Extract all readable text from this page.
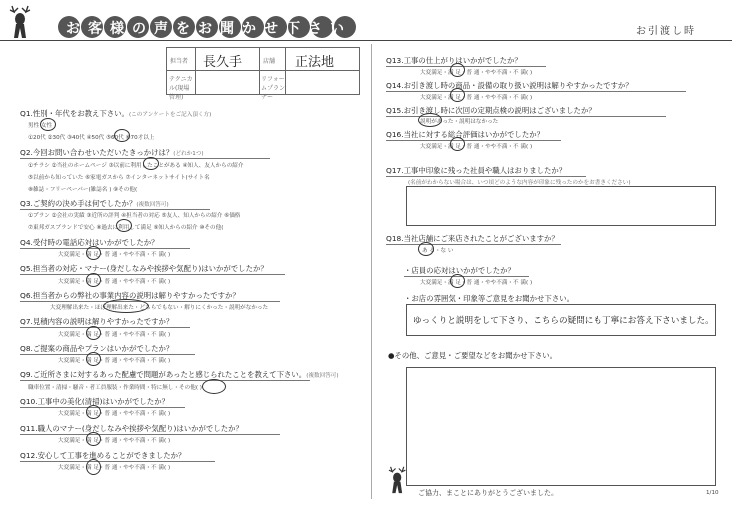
お客様の声をお聞かせ下さい	お引渡し時
担当者 長久手
テクニカル(現場管理)
店舗 正法地
リフォームプランナー
Q1.性別・年代をお教え下さい。(このアンケートをご記入頂く方)
男性 女性
①20代 ②30代 ③40代 ④50代 ⑤60代 ⑥70才以上
Q2.今回お問い合わせいただいたきっかけは？(どれか1つ)
①チラシ ②当社のホームページ ③以前に利用したことがある ④知人、友人からの紹介
⑤以前から知っていた ⑥家電ガスから ⑦インターネットサイト(サイト名
⑧雑誌・フリーペーパー(雑誌名 ) ⑨その他(
Q3.ご契約の決め手は何でしたか？(複数回答可)
①プラン ②会社の実績 ③近所の評判 ④担当者の対応 ⑤友人、知人からの紹介 ⑥価格
⑦東邦ガスブランドで安心 ⑧過去に利用して満足 ⑨知人からの紹介 ⑩その他(
Q4.受付時の電話応対はいかがでしたか？
大変満足・満 足・普 通・やや不満・不 満( )
Q5.担当者の対応・マナー(身だしなみや挨拶や気配り)はいかがでしたか？
大変満足・満 足・普 通・やや不満・不 満( )
Q6.担当者からの弊社の事業内容の説明は解りやすかったですか？
大変理解出来た・ほぼ理解出来た・どちらでもない・解りにくかった・説明がなかった
Q7.見積内容の説明は解りやすかったですか？
大変満足・満 足・普 通・やや不満・不 満( )
Q8.ご提案の商品やプランはいかがでしたか？
大変満足・満 足・普 通・やや不満・不 満( )
Q9.ご近所さまに対するあった配慮で問題があったと感じられたことを教えて下さい。(複数回答可)
職車位置・清掃・騒音・者工員服装・作業時間・特に無し・その他( )
Q10.工事中の美化(清掃)はいかがでしたか？
大変満足・満 足・普 通・やや不満・不 満( )
Q11.職人のマナー(身だしなみや挨拶や気配り)はいかがでしたか？
大変満足・満 足・普 通・やや不満・不 満( )
Q12.安心して工事を進めることができましたか？
大変満足・満 足・普 通・やや不満・不 満( )
Q13.工事の仕上がりはいかがでしたか？
大変満足・満 足・普 通・やや不満・不 満( )
Q14.お引き渡し時の商品・設備の取り扱い説明は解りやすかったですか？
大変満足・満 足・普 通・やや不満・不 満( )
Q15.お引き渡し時に次回の定期点検の説明はございましたか？
説明があった・説明はなかった
Q16.当社に対する総合評価はいかがでしたか？
大変満足・満 足・普 通・やや不満・不 満( )
Q17.工事中印象に残った社員や職人はおりましたか？
(名前がわからない場合は、いつ頃どのような内容が印象に残ったのかをお書きください)
Q18.当社店舗にご来店されたことがございますか？
あ る・な い
・店員の応対はいかがでしたか？
大変満足・満 足・普 通・やや不満・不 満( )
・お店の雰囲気・印象等ご意見をお聞かせ下さい。
ゆっくりと説明をして下さり、こちらの疑問にも丁寧にお答え下さいました。
●その他、ご意見・ご要望などをお聞かせ下さい。
ご協力、まことにありがとうございました。	1/10
